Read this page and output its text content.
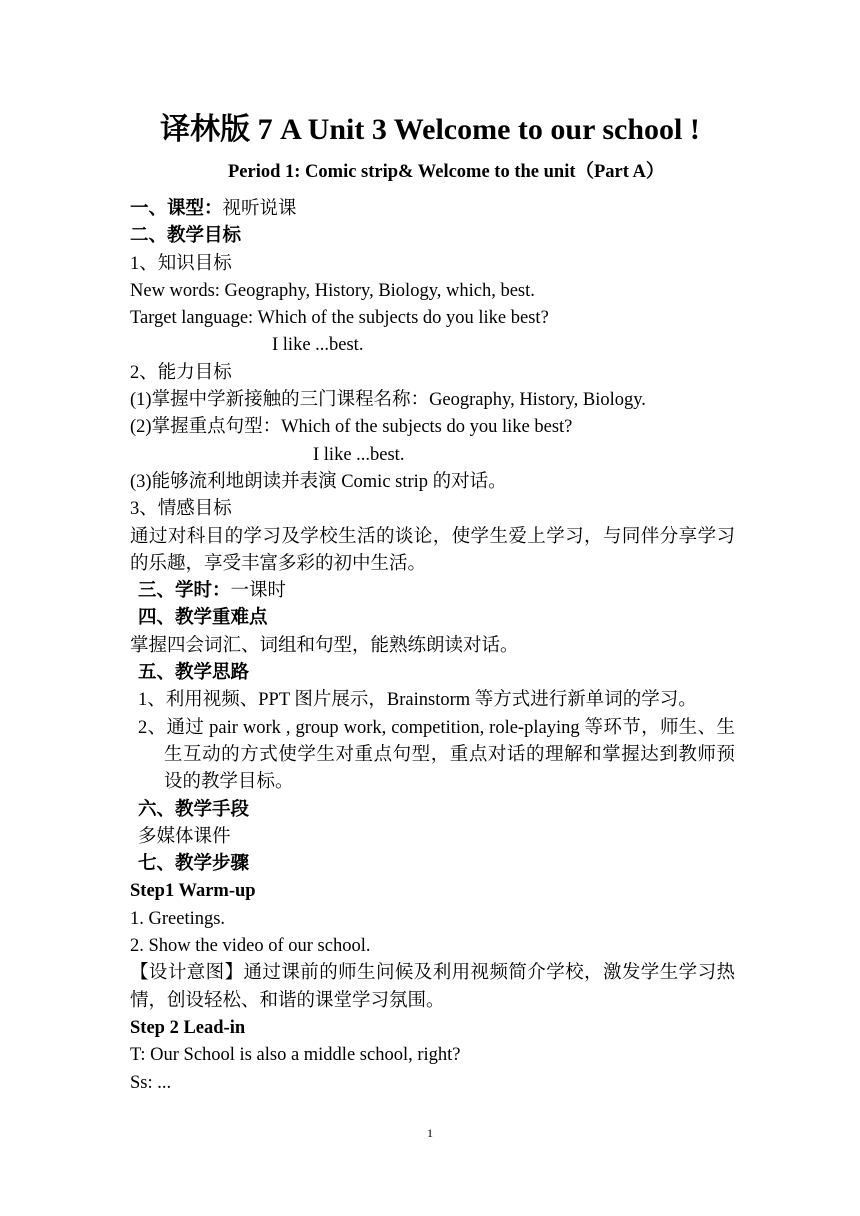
译林版 7 A Unit 3 Welcome to our school !
Period 1: Comic strip& Welcome to the unit（Part A）
一、课型：视听说课
二、教学目标
1、知识目标
New words: Geography, History, Biology, which, best.
Target language: Which of the subjects do you like best?
I like ...best.
2、能力目标
(1)掌握中学新接触的三门课程名称：Geography, History, Biology.
(2)掌握重点句型：Which of the subjects do you like best?
I like ...best.
(3)能够流利地朗读并表演 Comic strip 的对话。
3、情感目标
通过对科目的学习及学校生活的谈论，使学生爱上学习，与同伴分享学习的乐趣，享受丰富多彩的初中生活。
三、学时：一课时
四、教学重难点
掌握四会词汇、词组和句型，能熟练朗读对话。
五、教学思路
1、利用视频、PPT 图片展示，Brainstorm 等方式进行新单词的学习。
2、通过 pair work , group work, competition, role-playing 等环节，师生、生生互动的方式使学生对重点句型，重点对话的理解和掌握达到教师预设的教学目标。
六、教学手段
多媒体课件
七、教学步骤
Step1 Warm-up
1. Greetings.
2. Show the video of our school.
【设计意图】通过课前的师生问候及利用视频简介学校，激发学生学习热情，创设轻松、和谐的课堂学习氛围。
Step 2 Lead-in
T: Our School is also a middle school, right?
Ss: ...
1
